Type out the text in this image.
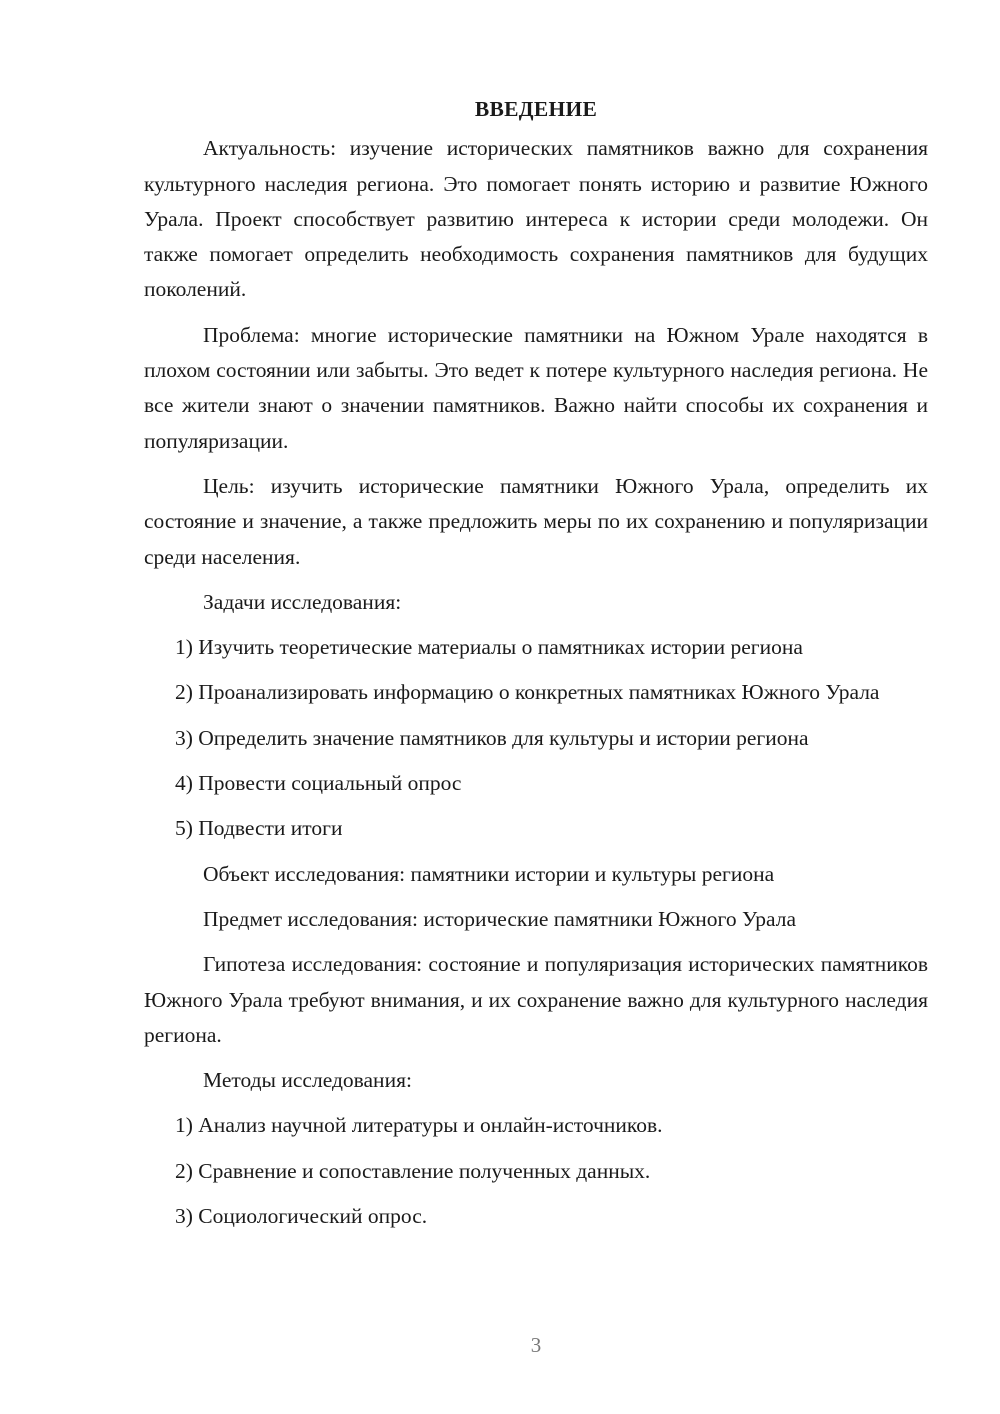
ВВЕДЕНИЕ

Актуальность: изучение исторических памятников важно для сохранения культурного наследия региона. Это помогает понять историю и развитие Южного Урала. Проект способствует развитию интереса к истории среди молодежи. Он также помогает определить необходимость сохранения памятников для будущих поколений.

Проблема: многие исторические памятники на Южном Урале находятся в плохом состоянии или забыты. Это ведет к потере культурного наследия региона. Не все жители знают о значении памятников. Важно найти способы их сохранения и популяризации.

Цель: изучить исторические памятники Южного Урала, определить их состояние и значение, а также предложить меры по их сохранению и популяризации среди населения.

Задачи исследования:

1) Изучить теоретические материалы о памятниках истории региона

2) Проанализировать информацию о конкретных памятниках Южного Урала

3) Определить значение памятников для культуры и истории региона

4) Провести социальный опрос

5) Подвести итоги

Объект исследования: памятники истории и культуры региона

Предмет исследования: исторические памятники Южного Урала

Гипотеза исследования: состояние и популяризация исторических памятников Южного Урала требуют внимания, и их сохранение важно для культурного наследия региона.

Методы исследования:

1) Анализ научной литературы и онлайн-источников.

2) Сравнение и сопоставление полученных данных.

3) Социологический опрос.

3
